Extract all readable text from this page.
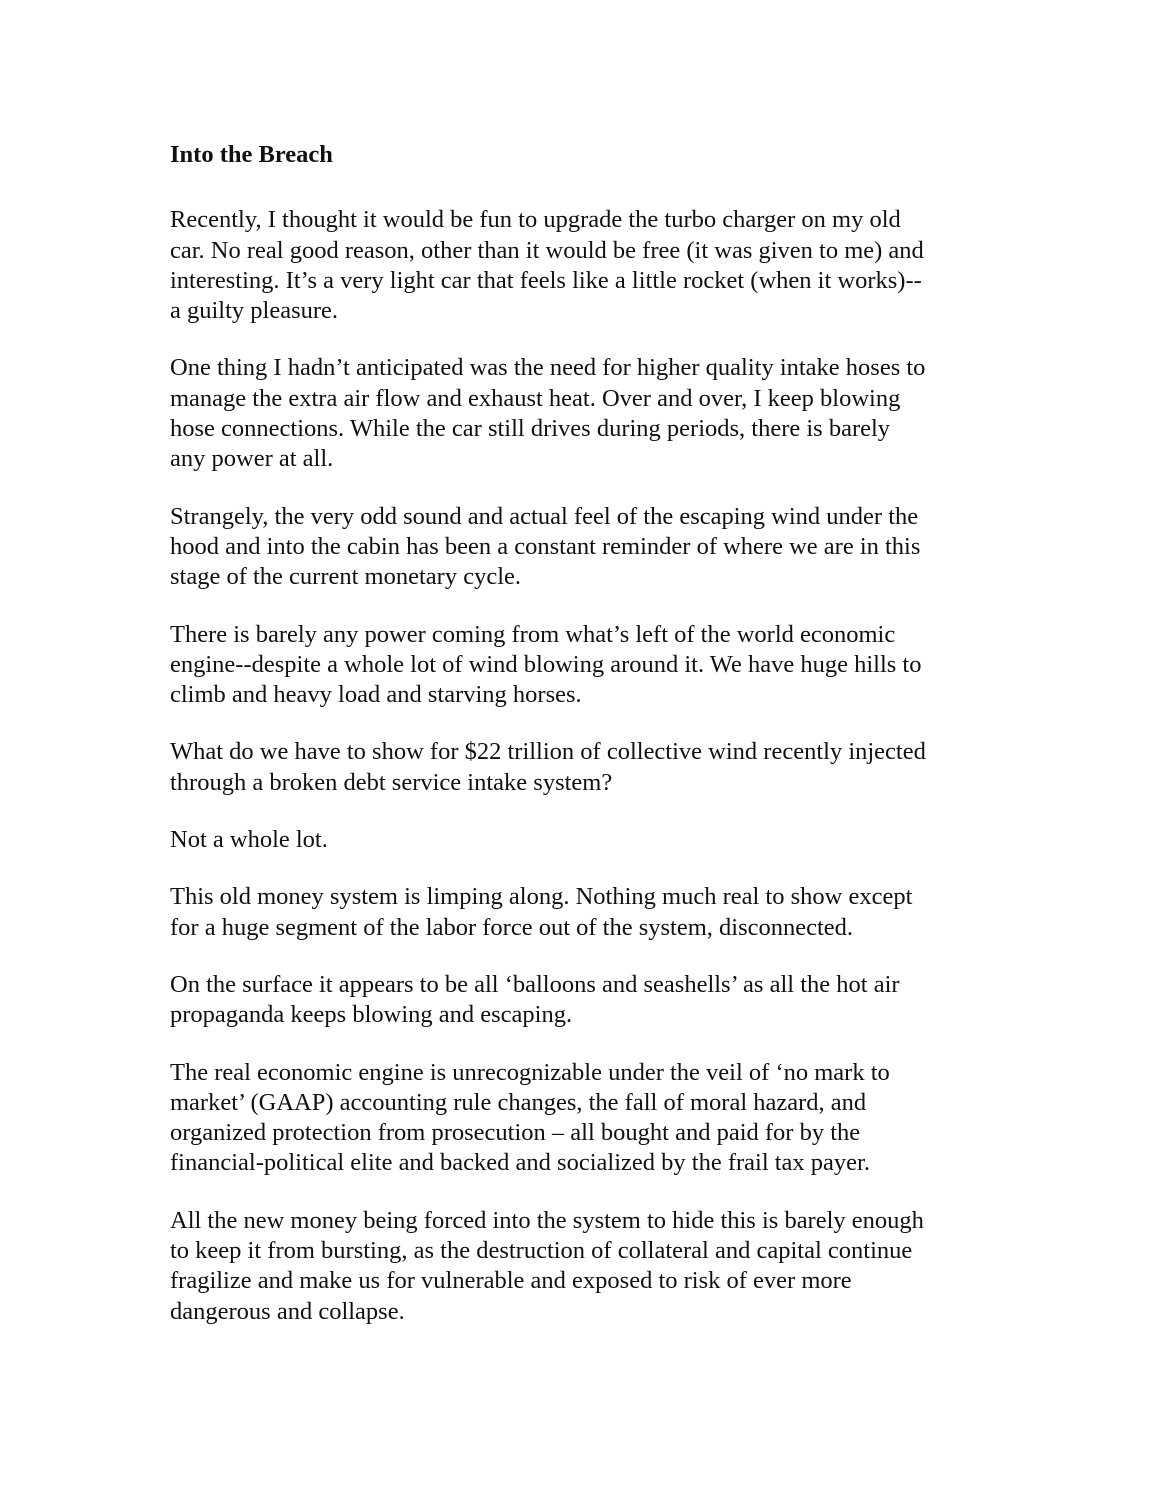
Into the Breach

Recently, I thought it would be fun to upgrade the turbo charger on my old
car. No real good reason, other than it would be free (it was given to me) and
interesting. It’s a very light car that feels like a little rocket (when it works)--
a guilty pleasure.

One thing I hadn’t anticipated was the need for higher quality intake hoses to
manage the extra air flow and exhaust heat. Over and over, I keep blowing
hose connections. While the car still drives during periods, there is barely
any power at all.

Strangely, the very odd sound and actual feel of the escaping wind under the
hood and into the cabin has been a constant reminder of where we are in this
stage of the current monetary cycle.

There is barely any power coming from what’s left of the world economic
engine--despite a whole lot of wind blowing around it. We have huge hills to
climb and heavy load and starving horses.

What do we have to show for $22 trillion of collective wind recently injected
through a broken debt service intake system?

Not a whole lot.

This old money system is limping along. Nothing much real to show except
for a huge segment of the labor force out of the system, disconnected.

On the surface it appears to be all ‘balloons and seashells’ as all the hot air
propaganda keeps blowing and escaping.

The real economic engine is unrecognizable under the veil of ‘no mark to
market’ (GAAP) accounting rule changes, the fall of moral hazard, and
organized protection from prosecution – all bought and paid for by the
financial-political elite and backed and socialized by the frail tax payer.

All the new money being forced into the system to hide this is barely enough
to keep it from bursting, as the destruction of collateral and capital continue
fragilize and make us for vulnerable and exposed to risk of ever more
dangerous and collapse.
